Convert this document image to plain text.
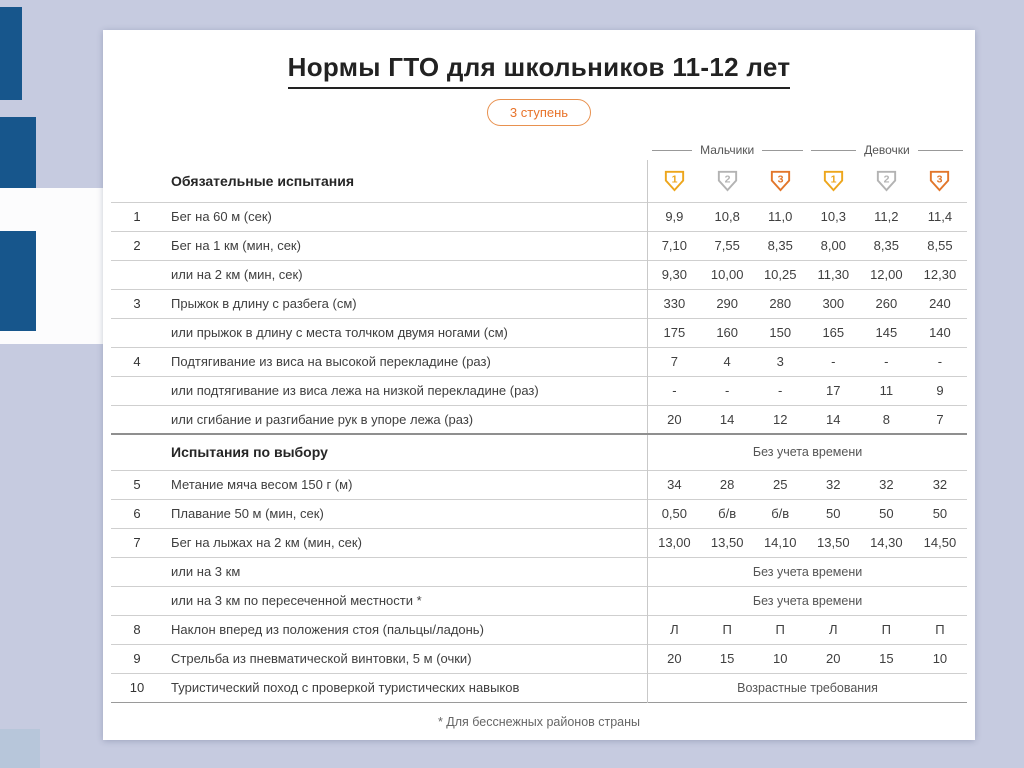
Нормы ГТО для школьников 11-12 лет
3 ступень

Мальчики			Девочки		

	Обязательные испытания	1	2	3	1	2	3

1	Бег на 60 м (сек)	9,9	10,8	11,0	10,3	11,2	11,4
2	Бег на 1 км (мин, сек)	7,10	7,55	8,35	8,00	8,35	8,55
	или на 2 км (мин, сек)	9,30	10,00	10,25	11,30	12,00	12,30
3	Прыжок в длину с разбега (см)	330	290	280	300	260	240
	или прыжок в длину с места толчком двумя ногами (см)	175	160	150	165	145	140
4	Подтягивание из виса на высокой перекладине (раз)	7	4	3	-	-	-
	или подтягивание из виса лежа на низкой перекладине (раз)	-	-	-	17	11	9
	или сгибание и разгибание рук в упоре лежа (раз)	20	14	12	14	8	7
	Испытания по выбору	Без учета времени					
5	Метание мяча весом 150 г (м)	34	28	25	32	32	32
6	Плавание 50 м (мин, сек)	0,50	б/в	б/в	50	50	50
7	Бег на лыжах на 2 км (мин, сек)	13,00	13,50	14,10	13,50	14,30	14,50
	или на 3 км	Без учета времени					
	или на 3 км по пересеченной местности *	Без учета времени					
8	Наклон вперед из положения стоя (пальцы/ладонь)	Л	П	П	Л	П	П
9	Стрельба из пневматической винтовки, 5 м (очки)	20	15	10	20	15	10
10	Туристический поход с проверкой туристических навыков	Возрастные требования					
* Для бесснежных районов страны
